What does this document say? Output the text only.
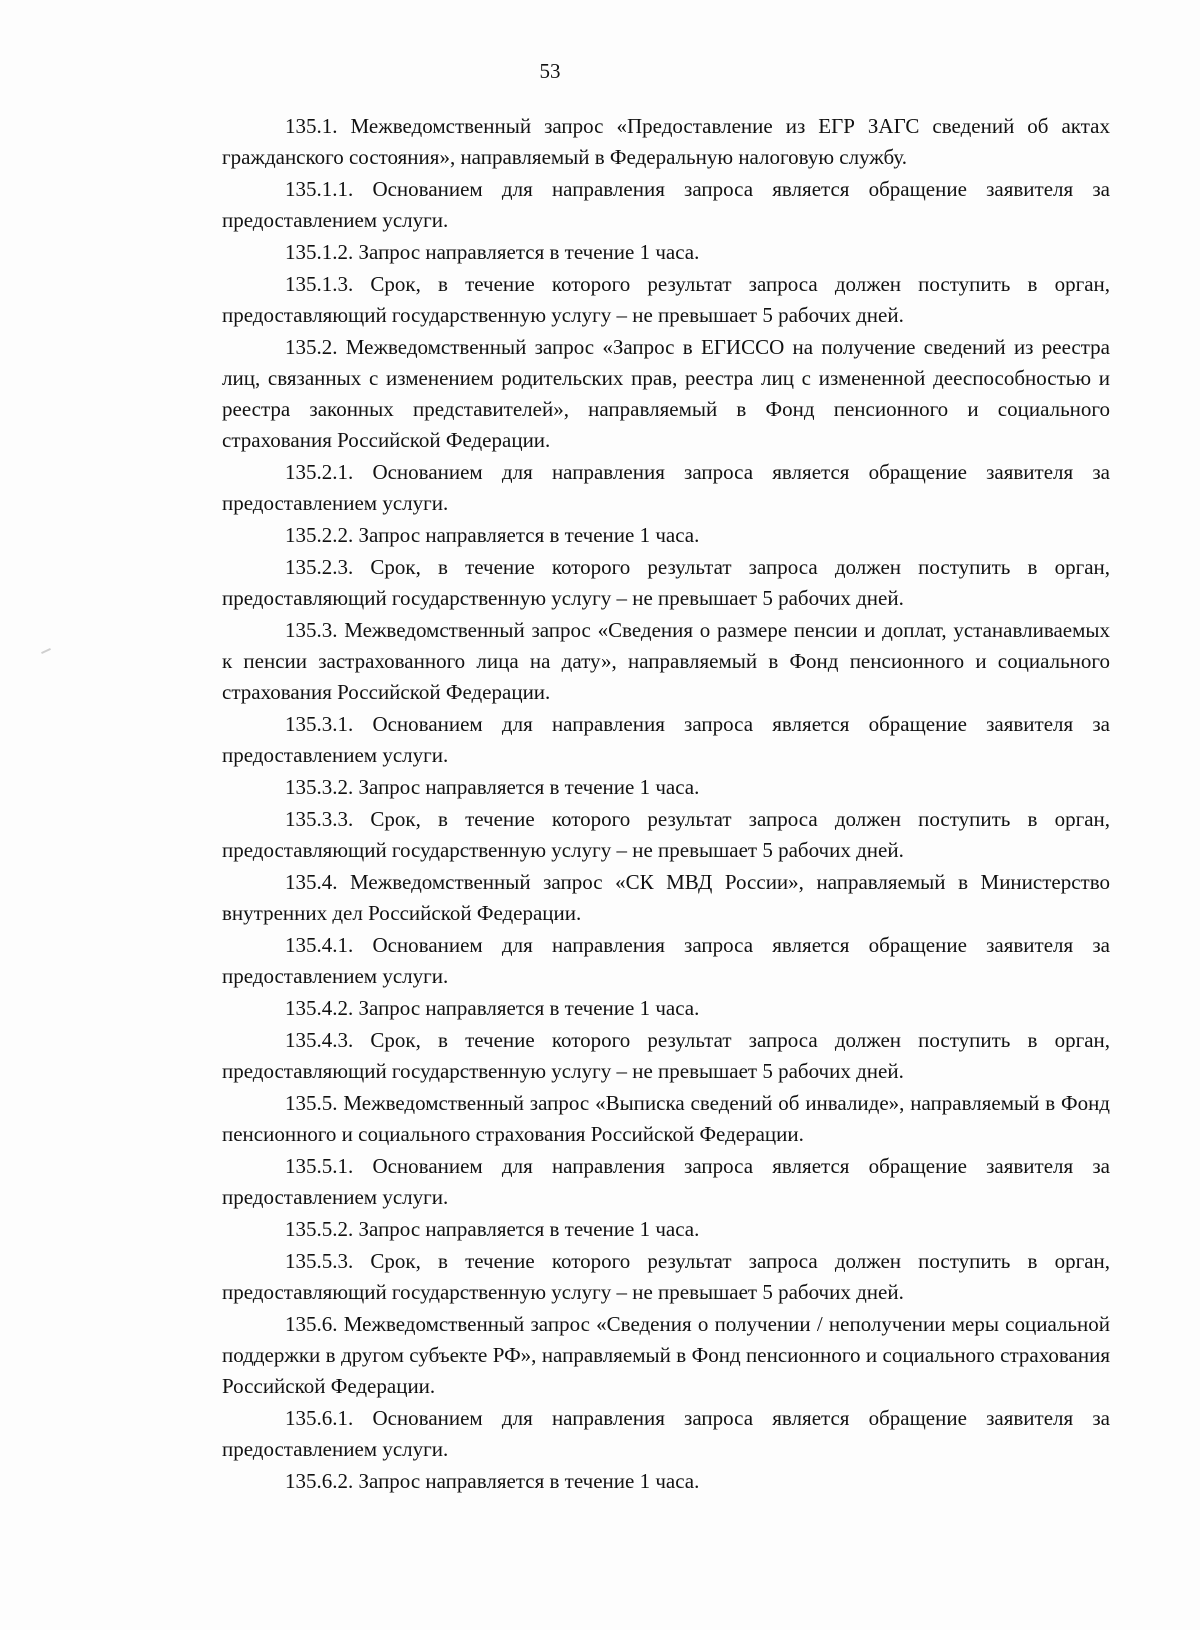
53

135.1. Межведомственный запрос «Предоставление из ЕГР ЗАГС сведений об актах гражданского состояния», направляемый в Федеральную налоговую службу.

135.1.1. Основанием для направления запроса является обращение заявителя за предоставлением услуги.

135.1.2. Запрос направляется в течение 1 часа.

135.1.3. Срок, в течение которого результат запроса должен поступить в орган, предоставляющий государственную услугу – не превышает 5 рабочих дней.

135.2. Межведомственный запрос «Запрос в ЕГИССО на получение сведений из реестра лиц, связанных с изменением родительских прав, реестра лиц с измененной дееспособностью и реестра законных представителей», направляемый в Фонд пенсионного и социального страхования Российской Федерации.

135.2.1. Основанием для направления запроса является обращение заявителя за предоставлением услуги.

135.2.2. Запрос направляется в течение 1 часа.

135.2.3. Срок, в течение которого результат запроса должен поступить в орган, предоставляющий государственную услугу – не превышает 5 рабочих дней.

135.3. Межведомственный запрос «Сведения о размере пенсии и доплат, устанавливаемых к пенсии застрахованного лица на дату», направляемый в Фонд пенсионного и социального страхования Российской Федерации.

135.3.1. Основанием для направления запроса является обращение заявителя за предоставлением услуги.

135.3.2. Запрос направляется в течение 1 часа.

135.3.3. Срок, в течение которого результат запроса должен поступить в орган, предоставляющий государственную услугу – не превышает 5 рабочих дней.

135.4. Межведомственный запрос «СК МВД России», направляемый в Министерство внутренних дел Российской Федерации.

135.4.1. Основанием для направления запроса является обращение заявителя за предоставлением услуги.

135.4.2. Запрос направляется в течение 1 часа.

135.4.3. Срок, в течение которого результат запроса должен поступить в орган, предоставляющий государственную услугу – не превышает 5 рабочих дней.

135.5. Межведомственный запрос «Выписка сведений об инвалиде», направляемый в Фонд пенсионного и социального страхования Российской Федерации.

135.5.1. Основанием для направления запроса является обращение заявителя за предоставлением услуги.

135.5.2. Запрос направляется в течение 1 часа.

135.5.3. Срок, в течение которого результат запроса должен поступить в орган, предоставляющий государственную услугу – не превышает 5 рабочих дней.

135.6. Межведомственный запрос «Сведения о получении / неполучении меры социальной поддержки в другом субъекте РФ», направляемый в Фонд пенсионного и социального страхования Российской Федерации.

135.6.1. Основанием для направления запроса является обращение заявителя за предоставлением услуги.

135.6.2. Запрос направляется в течение 1 часа.
